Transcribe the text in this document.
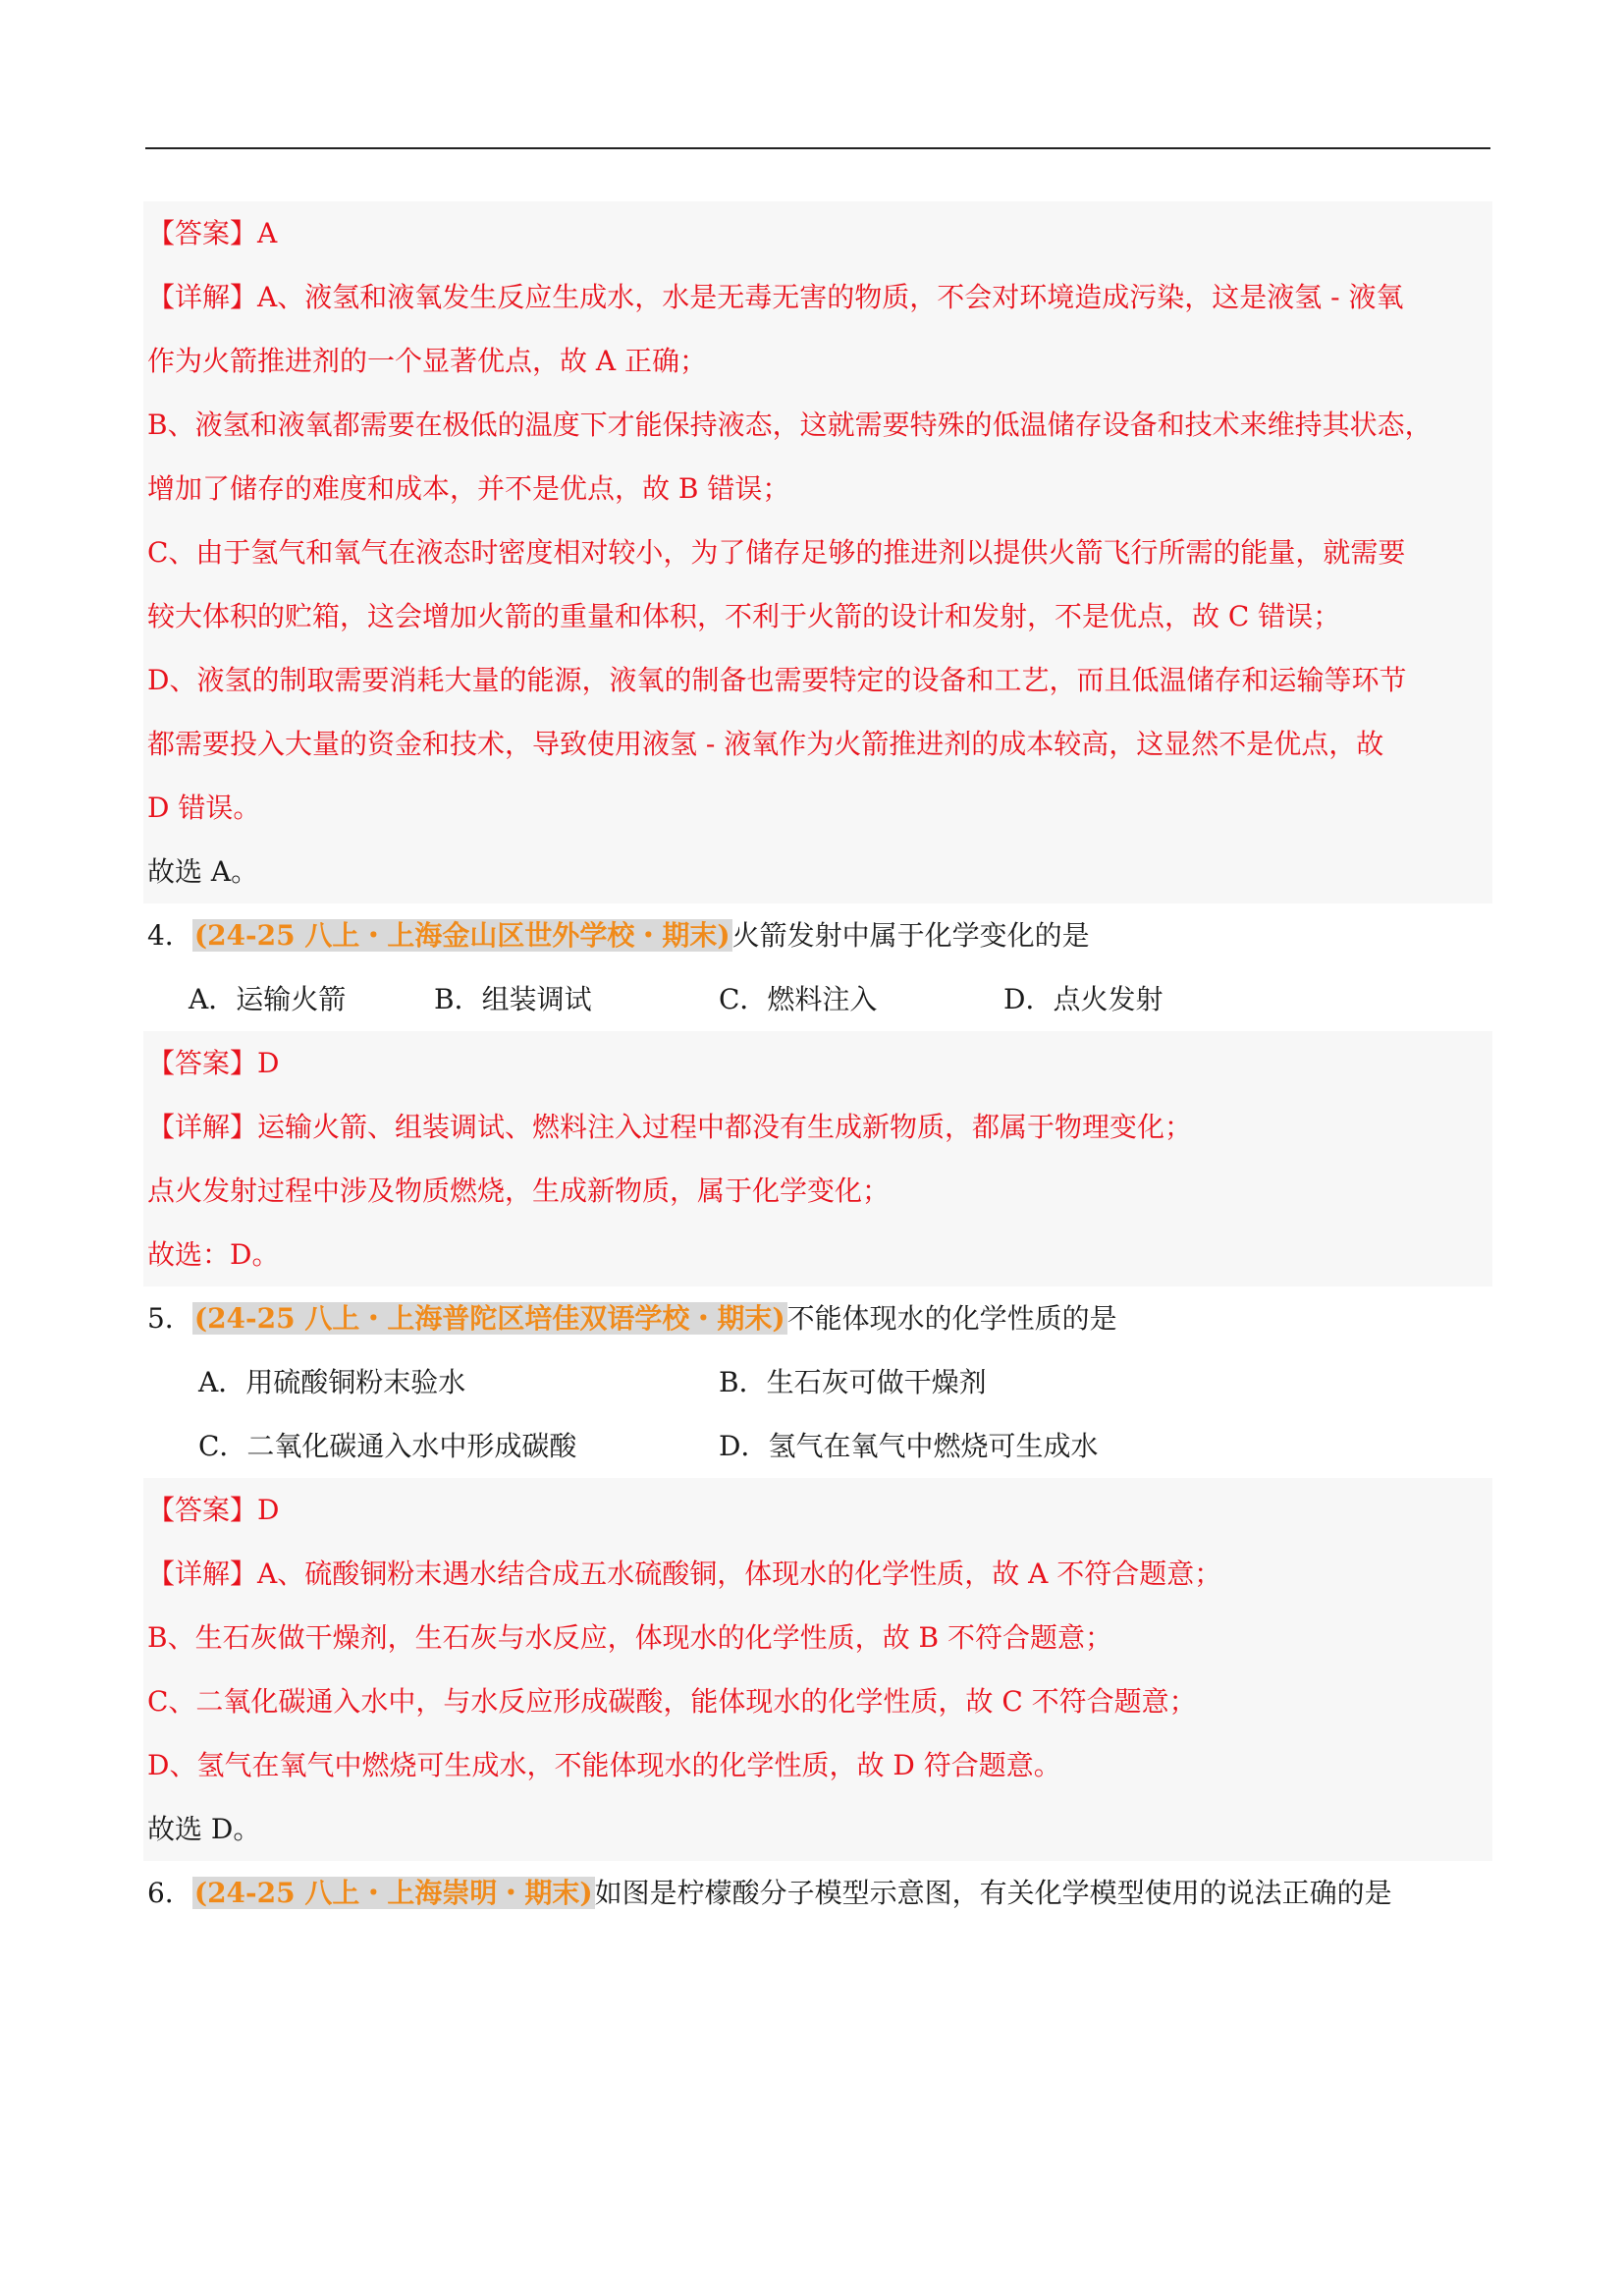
【答案】A
【详解】A、液氢和液氧发生反应生成水，水是无毒无害的物质，不会对环境造成污染，这是液氢 - 液氧
作为火箭推进剂的一个显著优点，故 A 正确；
B、液氢和液氧都需要在极低的温度下才能保持液态，这就需要特殊的低温储存设备和技术来维持其状态，
增加了储存的难度和成本，并不是优点，故 B 错误；
C、由于氢气和氧气在液态时密度相对较小，为了储存足够的推进剂以提供火箭飞行所需的能量，就需要
较大体积的贮箱，这会增加火箭的重量和体积，不利于火箭的设计和发射，不是优点，故 C 错误；
D、液氢的制取需要消耗大量的能源，液氧的制备也需要特定的设备和工艺，而且低温储存和运输等环节
都需要投入大量的资金和技术，导致使用液氢 - 液氧作为火箭推进剂的成本较高，这显然不是优点，故
D 错误。
故选 A。
4．(24-25 八上・上海金山区世外学校・期末)火箭发射中属于化学变化的是
A．运输火箭	B．组装调试	C．燃料注入	D．点火发射
【答案】D
【详解】运输火箭、组装调试、燃料注入过程中都没有生成新物质，都属于物理变化；
点火发射过程中涉及物质燃烧，生成新物质，属于化学变化；
故选：D。
5．(24-25 八上・上海普陀区培佳双语学校・期末)不能体现水的化学性质的是
A．用硫酸铜粉末验水	B．生石灰可做干燥剂
C．二氧化碳通入水中形成碳酸	D．氢气在氧气中燃烧可生成水
【答案】D
【详解】A、硫酸铜粉末遇水结合成五水硫酸铜，体现水的化学性质，故 A 不符合题意；
B、生石灰做干燥剂，生石灰与水反应，体现水的化学性质，故 B 不符合题意；
C、二氧化碳通入水中，与水反应形成碳酸，能体现水的化学性质，故 C 不符合题意；
D、氢气在氧气中燃烧可生成水，不能体现水的化学性质，故 D 符合题意。
故选 D。
6．(24-25 八上・上海崇明・期末)如图是柠檬酸分子模型示意图，有关化学模型使用的说法正确的是
